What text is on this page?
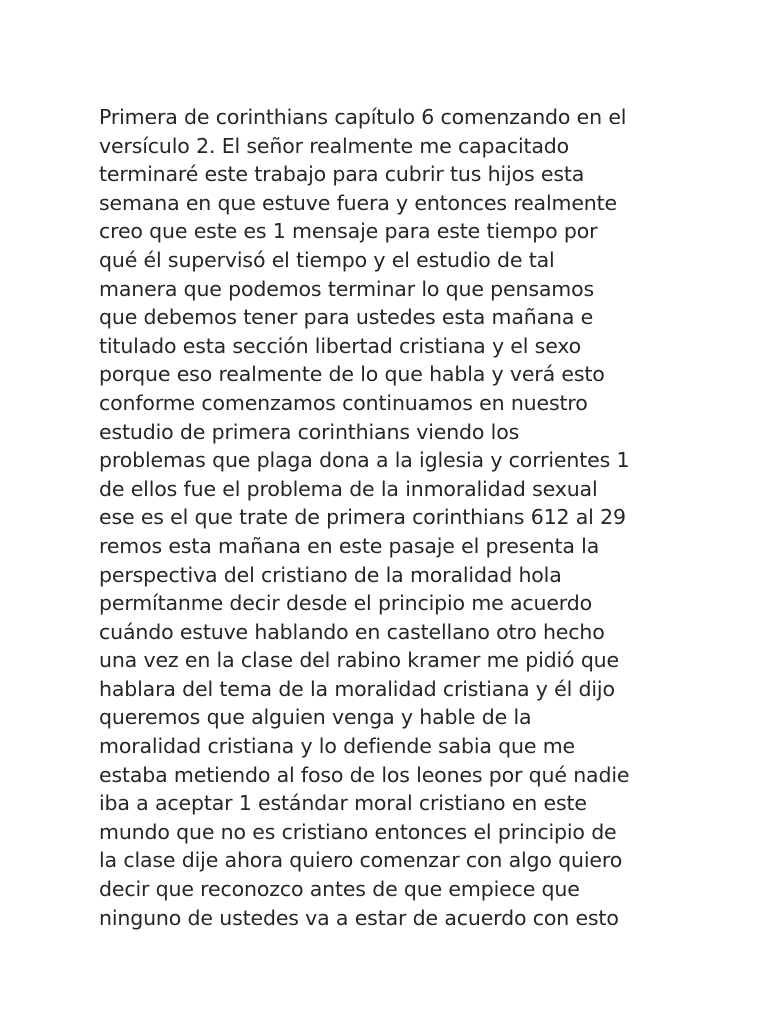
Primera de corinthians capítulo 6 comenzando en el
versículo 2. El señor realmente me capacitado
terminaré este trabajo para cubrir tus hijos esta
semana en que estuve fuera y entonces realmente
creo que este es 1 mensaje para este tiempo por
qué él supervisó el tiempo y el estudio de tal
manera que podemos terminar lo que pensamos
que debemos tener para ustedes esta mañana e
titulado esta sección libertad cristiana y el sexo
porque eso realmente de lo que habla y verá esto
conforme comenzamos continuamos en nuestro
estudio de primera corinthians viendo los
problemas que plaga dona a la iglesia y corrientes 1
de ellos fue el problema de la inmoralidad sexual
ese es el que trate de primera corinthians 612 al 29
remos esta mañana en este pasaje el presenta la
perspectiva del cristiano de la moralidad hola
permítanme decir desde el principio me acuerdo
cuándo estuve hablando en castellano otro hecho
una vez en la clase del rabino kramer me pidió que
hablara del tema de la moralidad cristiana y él dijo
queremos que alguien venga y hable de la
moralidad cristiana y lo defiende sabia que me
estaba metiendo al foso de los leones por qué nadie
iba a aceptar 1 estándar moral cristiano en este
mundo que no es cristiano entonces el principio de
la clase dije ahora quiero comenzar con algo quiero
decir que reconozco antes de que empiece que
ninguno de ustedes va a estar de acuerdo con esto
